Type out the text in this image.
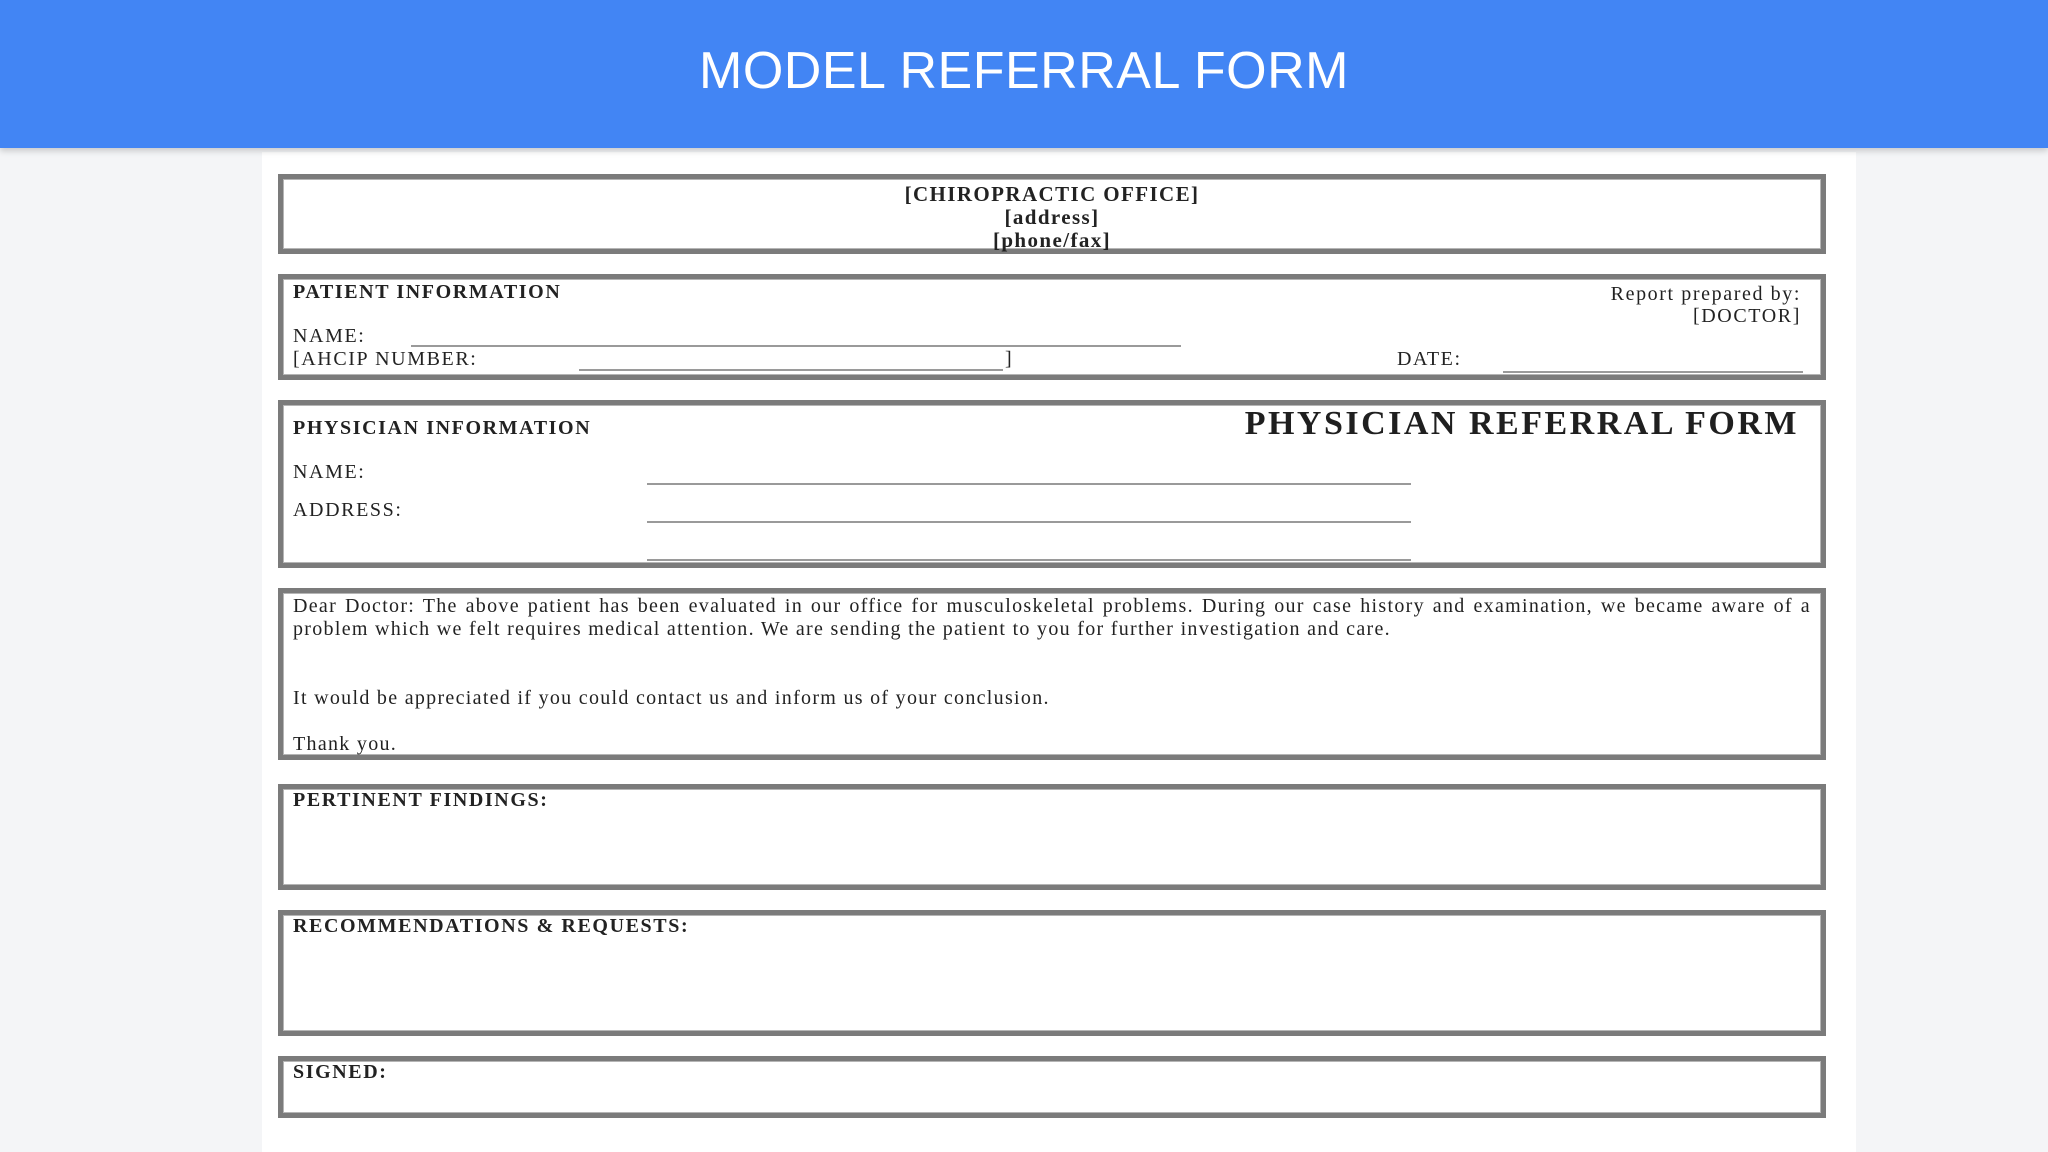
MODEL REFERRAL FORM
[CHIROPRACTIC OFFICE]
[address]
[phone/fax]
PATIENT INFORMATION
NAME:
[AHCIP NUMBER:	]
Report prepared by:
[DOCTOR]
DATE:
PHYSICIAN INFORMATION	PHYSICIAN REFERRAL FORM
NAME:
ADDRESS:
Dear Doctor: The above patient has been evaluated in our office for musculoskeletal problems. During our case history and examination, we became aware of a problem which we felt requires medical attention. We are sending the patient to you for further investigation and care.
It would be appreciated if you could contact us and inform us of your conclusion.
Thank you.
PERTINENT FINDINGS:
RECOMMENDATIONS & REQUESTS:
SIGNED:
